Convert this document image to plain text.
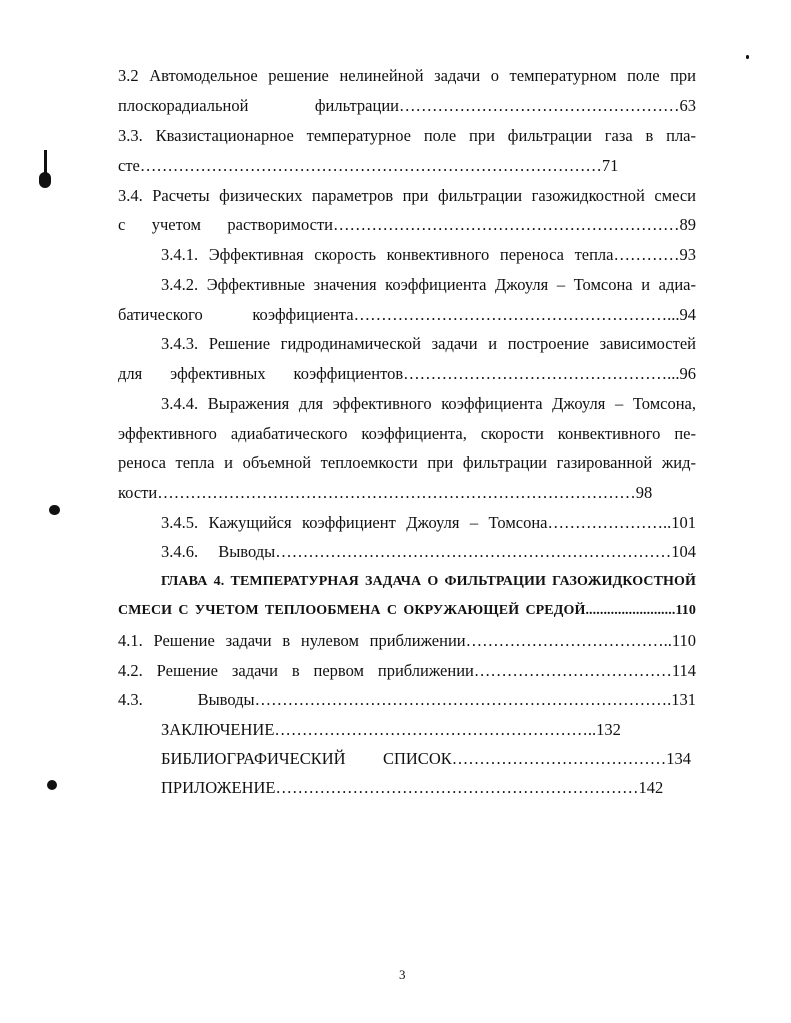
3.2 Автомодельное решение нелинейной задачи о температурном поле при
плоскорадиальной фильтрации……………………………………………63
3.3. Квазистационарное температурное поле при фильтрации газа в пла-
сте…………………………………………………………………………71
3.4. Расчеты физических параметров при фильтрации газожидкостной смеси
с учетом растворимости………………………………………………………89
3.4.1. Эффективная скорость конвективного переноса тепла…………93
3.4.2. Эффективные значения коэффициента Джоуля – Томсона и адиа-
батического коэффициента…………………………………………………...94
3.4.3. Решение гидродинамической задачи и построение зависимостей
для эффективных коэффициентов…………………………………………...96
3.4.4. Выражения для эффективного коэффициента Джоуля – Томсона,
эффективного адиабатического коэффициента, скорости конвективного пе-
реноса тепла и объемной теплоемкости при фильтрации газированной жид-
кости……………………………………………………………………………98
3.4.5. Кажущийся коэффициент Джоуля – Томсона…………………..101
3.4.6. Выводы………………………………………………………………104
ГЛАВА 4. ТЕМПЕРАТУРНАЯ ЗАДАЧА О ФИЛЬТРАЦИИ ГАЗОЖИДКОСТНОЙ
СМЕСИ С УЧЕТОМ ТЕПЛООБМЕНА С ОКРУЖАЮЩЕЙ СРЕДОЙ.........................110
4.1. Решение задачи в нулевом приближении………………………………..110
4.2. Решение задачи в первом приближении………………………………114
4.3. Выводы………………………………………………………………….131
ЗАКЛЮЧЕНИЕ…………………………………………………..132
БИБЛИОГРАФИЧЕСКИЙ СПИСОК…………………………………134
ПРИЛОЖЕНИЕ…………………………………………………………142
3
